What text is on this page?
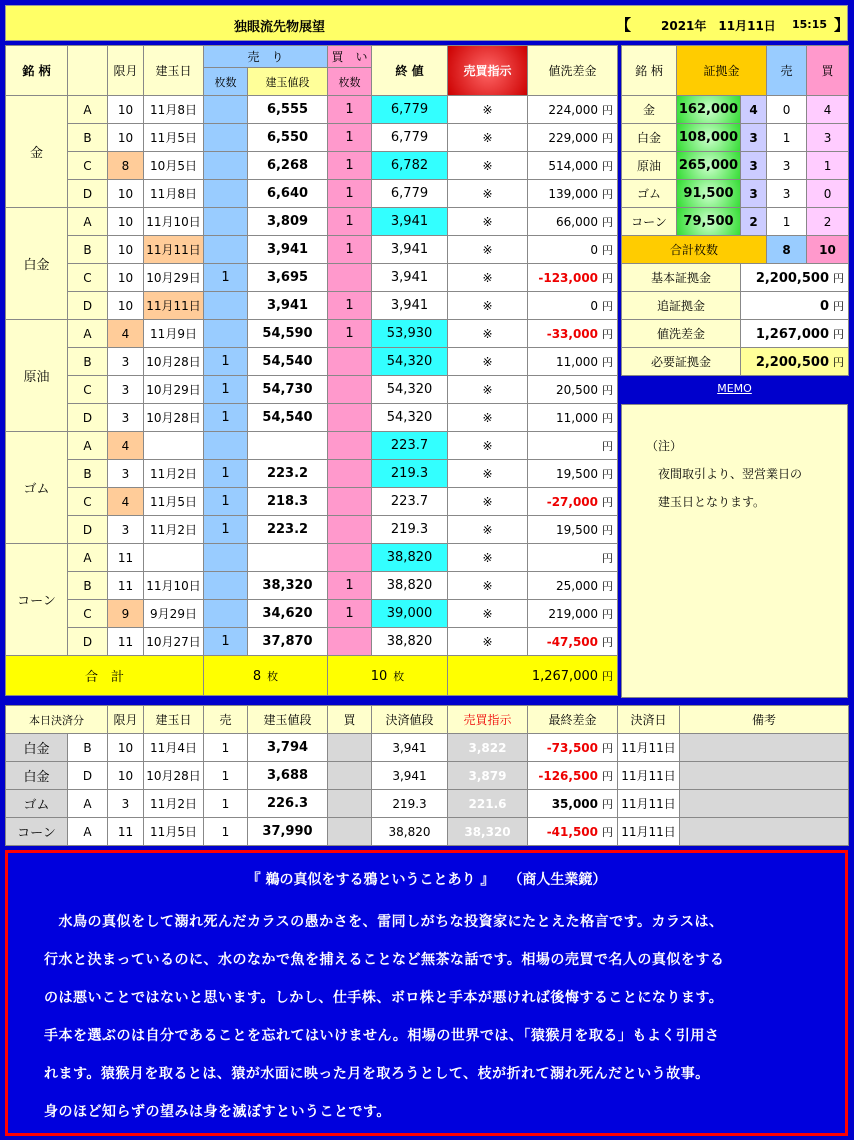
独眼流先物展望	【 2021年　11月11日 15:15 】
銘 柄		限月	建玉日	売　り		買　い	終 値	売買指示	値洗差金
				枚数	建玉値段	枚数			
金	A	10	11月8日		6,555	1	6,779	※	224,000 円
	B	10	11月5日		6,550	1	6,779	※	229,000 円
	C	8	10月5日		6,268	1	6,782	※	514,000 円
	D	10	11月8日		6,640	1	6,779	※	139,000 円
白金	A	10	11月10日		3,809	1	3,941	※	66,000 円
	B	10	11月11日		3,941	1	3,941	※	0 円
	C	10	10月29日	1	3,695		3,941	※	-123,000 円
	D	10	11月11日		3,941	1	3,941	※	0 円
原油	A	4	11月9日		54,590	1	53,930	※	-33,000 円
	B	3	10月28日	1	54,540		54,320	※	11,000 円
	C	3	10月29日	1	54,730		54,320	※	20,500 円
	D	3	10月28日	1	54,540		54,320	※	11,000 円
ゴム	A	4					223.7	※	円
	B	3	11月2日	1	223.2		219.3	※	19,500 円
	C	4	11月5日	1	218.3		223.7	※	-27,000 円
	D	3	11月2日	1	223.2		219.3	※	19,500 円
コーン	A	11					38,820	※	円
	B	11	11月10日		38,320	1	38,820	※	25,000 円
	C	9	9月29日		34,620	1	39,000	※	219,000 円
	D	11	10月27日	1	37,870		38,820	※	-47,500 円
合　計				8 枚		10 枚		1,267,000 円	
銘 柄	証拠金		売	買
金	162,000	4	0	4
白金	108,000	3	1	3
原油	265,000	3	3	1
ゴム	91,500	3	3	0
コーン	79,500	2	1	2
合計枚数			8	10
基本証拠金		2,200,500 円		
追証拠金		0 円		
値洗差金		1,267,000 円		
必要証拠金		2,200,500 円		
MEMO

（注）

夜間取引より、翌営業日の

建玉日となります。

本日決済分		限月	建玉日	売	建玉値段	買	決済値段	売買指示	最終差金	決済日	備考
白金	B	10	11月4日	1	3,794		3,941	3,822	-73,500 円	11月11日	
白金	D	10	10月28日	1	3,688		3,941	3,879	-126,500 円	11月11日	
ゴム	A	3	11月2日	1	226.3		219.3	221.6	35,000 円	11月11日	
コーン	A	11	11月5日	1	37,990		38,820	38,320	-41,500 円	11月11日	
『 鵜の真似をする鴉ということあり 』　　（商人生業鏡）
　水鳥の真似をして溺れ死んだカラスの愚かさを、雷同しがちな投資家にたとえた格言です。カラスは、
行水と決まっているのに、水のなかで魚を捕えることなど無茶な話です。相場の売買で名人の真似をする
のは悪いことではないと思います。しかし、仕手株、ボロ株と手本が悪ければ後悔することになります。
手本を選ぶのは自分であることを忘れてはいけません。相場の世界では、「猿猴月を取る」もよく引用さ
れます。猿猴月を取るとは、猿が水面に映った月を取ろうとして、枝が折れて溺れ死んだという故事。
身のほど知らずの望みは身を滅ぼすということです。
